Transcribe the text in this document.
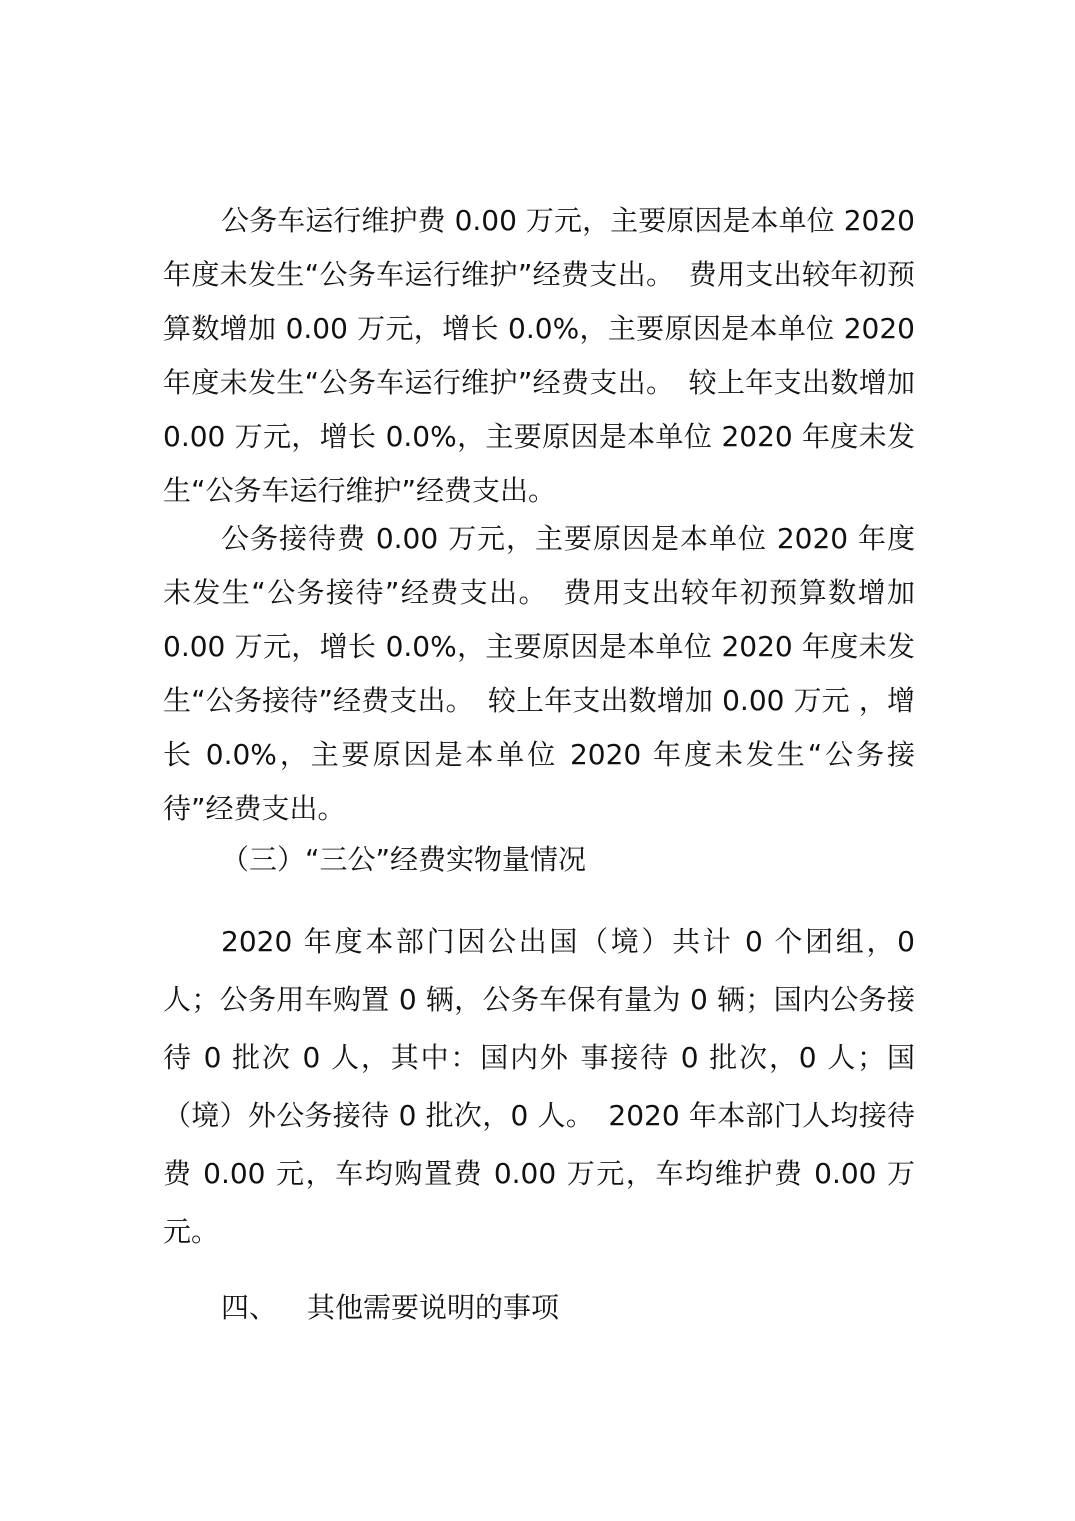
公务车运行维护费 0.00 万元，主要原因是本单位 2020 年度未发生“公务车运行维护”经费支出。　费用支出较年初预算数增加 0.00 万元，增长 0.0%，主要原因是本单位 2020 年度未发生“公务车运行维护”经费支出。　较上年支出数增加 0.00 万元，增长 0.0%，主要原因是本单位 2020 年度未发生“公务车运行维护”经费支出。

公务接待费 0.00 万元，主要原因是本单位 2020 年度未发生“公务接待”经费支出。　费用支出较年初预算数增加 0.00 万元，增长 0.0%，主要原因是本单位 2020 年度未发生“公务接待”经费支出。　较上年支出数增加 0.00 万元 ，增长 0.0%，主要原因是本单位 2020 年度未发生“公务接待”经费支出。

（三）“三公”经费实物量情况

2020 年度本部门因公出国（境）共计 0 个团组，0 人；公务用车购置 0 辆，公务车保有量为 0 辆；国内公务接待 0 批次 0 人，其中：国内外 事接待 0 批次，0 人；国（境）外公务接待 0 批次，0 人。　2020 年本部门人均接待费 0.00 元，车均购置费 0.00 万元，车均维护费 0.00 万元。

四、 其他需要说明的事项
